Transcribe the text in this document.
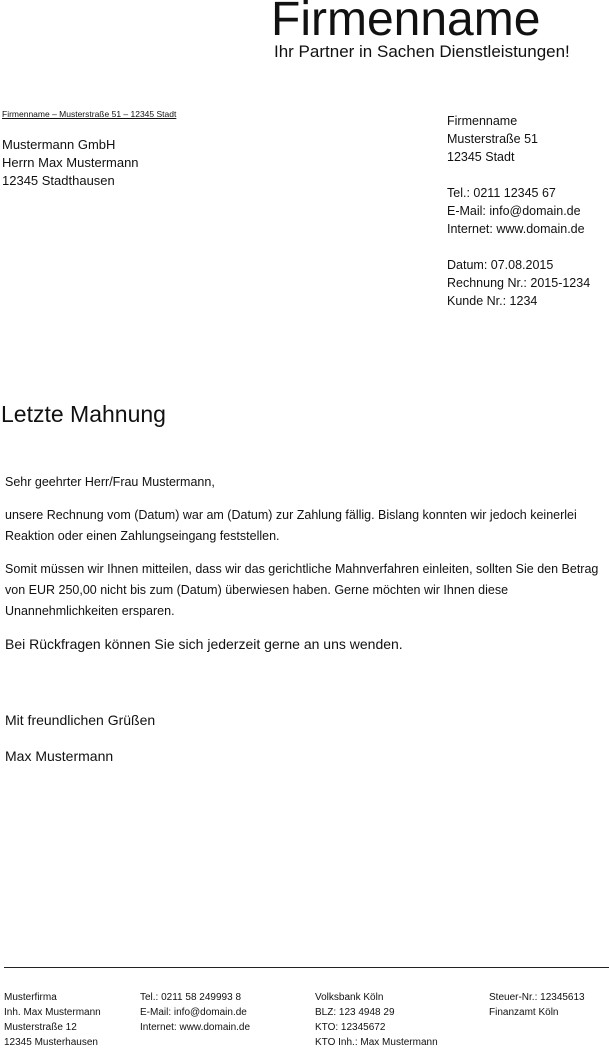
Firmenname
Ihr Partner in Sachen Dienstleistungen!
Firmenname – Musterstraße 51 – 12345 Stadt
Mustermann GmbH
Herrn Max Mustermann
12345 Stadthausen
Firmenname
Musterstraße 51
12345 Stadt
Tel.: 0211 12345 67
E-Mail: info@domain.de
Internet: www.domain.de
Datum: 07.08.2015
Rechnung Nr.: 2015-1234
Kunde Nr.: 1234
Letzte Mahnung

Sehr geehrter Herr/Frau Mustermann,

unsere Rechnung vom (Datum) war am (Datum) zur Zahlung fällig. Bislang konnten wir jedoch keinerlei Reaktion oder einen Zahlungseingang feststellen.

Somit müssen wir Ihnen mitteilen, dass wir das gerichtliche Mahnverfahren einleiten, sollten Sie den Betrag von EUR 250,00 nicht bis zum (Datum) überwiesen haben. Gerne möchten wir Ihnen diese Unannehmlichkeiten ersparen.

Bei Rückfragen können Sie sich jederzeit gerne an uns wenden.

Mit freundlichen Grüßen
Max Mustermann
Musterfirma
Inh. Max Mustermann
Musterstraße 12
12345 Musterhausen
Tel.: 0211 58 249993 8
E-Mail: info@domain.de
Internet: www.domain.de
Volksbank Köln
BLZ: 123 4948 29
KTO: 12345672
KTO Inh.: Max Mustermann
Steuer-Nr.: 12345613
Finanzamt Köln
